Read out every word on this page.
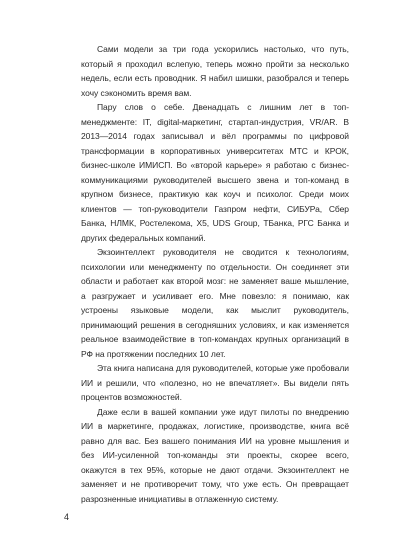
Сами модели за три года ускорились настолько, что путь, который я проходил вслепую, теперь можно пройти за несколько недель, если есть проводник. Я набил шишки, разобрался и теперь хочу сэкономить время вам.

Пару слов о себе. Двенадцать с лишним лет в топ-менеджменте: IT, digital-маркетинг, стартап-индустрия, VR/AR. В 2013—2014 годах записывал и вёл программы по цифровой трансформации в корпоративных университетах МТС и КРОК, бизнес-школе ИМИСП. Во «второй карьере» я работаю с бизнес-коммуникациями руководителей высшего звена и топ-команд в крупном бизнесе, практикую как коуч и психолог. Среди моих клиентов — топ-руководители Газпром нефти, СИБУРа, Сбер Банка, НЛМК, Ростелекома, X5, UDS Group, ТБанка, РГС Банка и других федеральных компаний.

Экзоинтеллект руководителя не сводится к технологиям, психологии или менеджменту по отдельности. Он соединяет эти области и работает как второй мозг: не заменяет ваше мышление, а разгружает и усиливает его. Мне повезло: я понимаю, как устроены языковые модели, как мыслит руководитель, принимающий решения в сегодняшних условиях, и как изменяется реальное взаимодействие в топ-командах крупных организаций в РФ на протяжении последних 10 лет.

Эта книга написана для руководителей, которые уже пробовали ИИ и решили, что «полезно, но не впечатляет». Вы видели пять процентов возможностей.

Даже если в вашей компании уже идут пилоты по внедрению ИИ в маркетинге, продажах, логистике, производстве, книга всё равно для вас. Без вашего понимания ИИ на уровне мышления и без ИИ-усиленной топ-команды эти проекты, скорее всего, окажутся в тех 95%, которые не дают отдачи. Экзоинтеллект не заменяет и не противоречит тому, что уже есть. Он превращает разрозненные инициативы в отлаженную систему.

4
